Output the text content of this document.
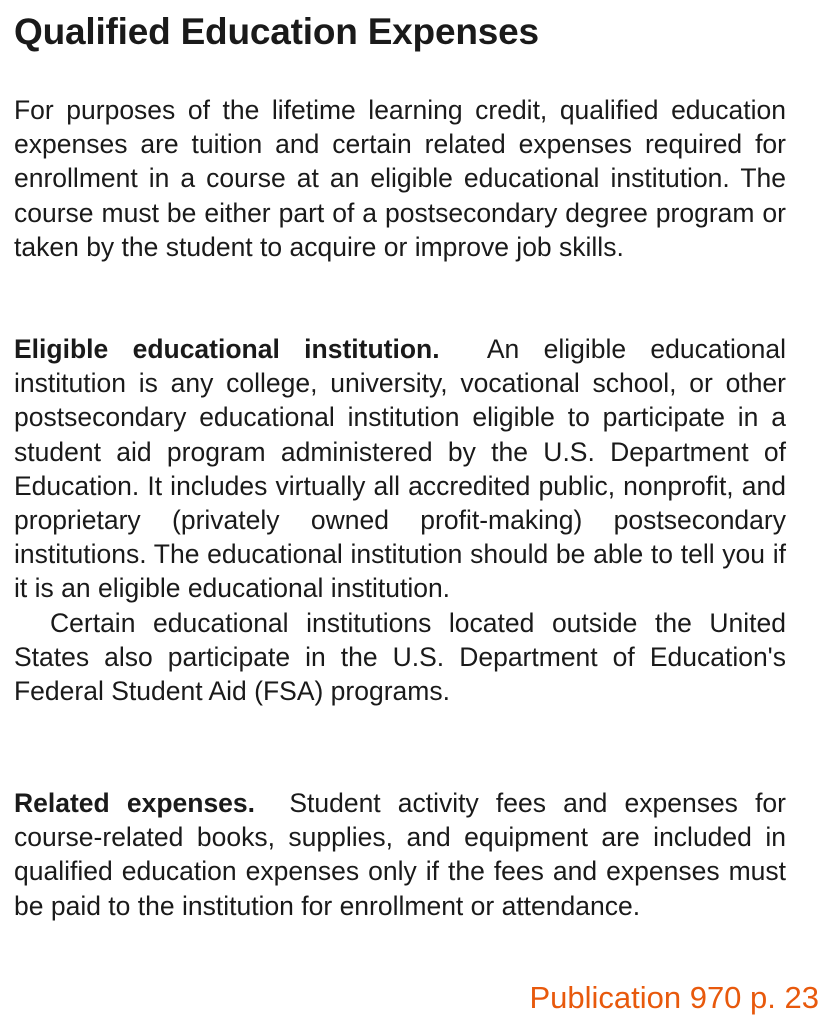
Qualified Education Expenses

For purposes of the lifetime learning credit, qualified education expenses are tuition and certain related expenses required for enrollment in a course at an eligible educational institution. The course must be either part of a postsecondary degree program or taken by the student to acquire or improve job skills.

Eligible educational institution. An eligible educational institution is any college, university, vocational school, or other postsecondary educational institution eligible to participate in a student aid program administered by the U.S. Department of Education. It includes virtually all accredited public, nonprofit, and proprietary (privately owned profit-making) postsecondary institutions. The educational institution should be able to tell you if it is an eligible educational institution.

Certain educational institutions located outside the United States also participate in the U.S. Department of Education's Federal Student Aid (FSA) programs.

Related expenses. Student activity fees and expenses for course-related books, supplies, and equipment are included in qualified education expenses only if the fees and expenses must be paid to the institution for enrollment or attendance.

Publication 970 p. 23
